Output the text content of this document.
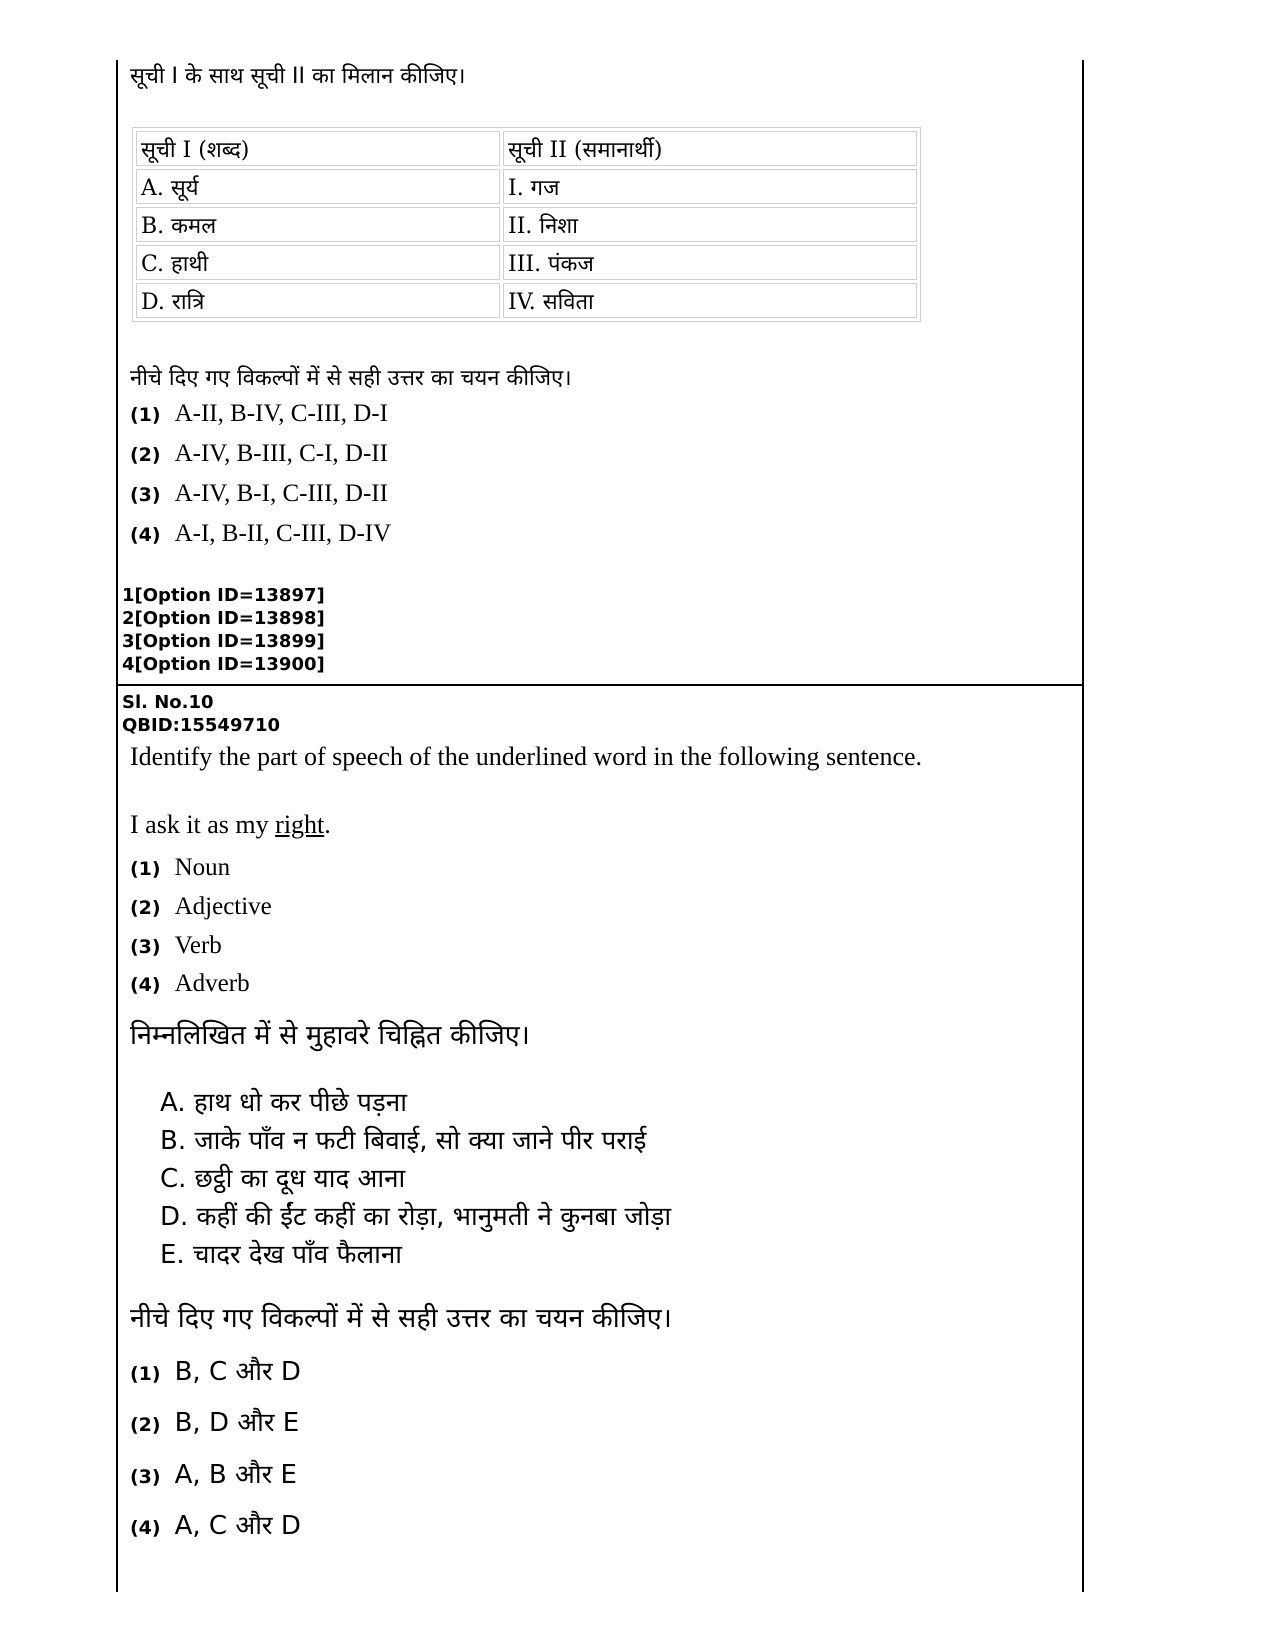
सूची I के साथ सूची II का मिलान कीजिए।

सूची I (शब्द)	सूची II (समानार्थी)
A. सूर्य	I. गज
B. कमल	II. निशा
C. हाथी	III. पंकज
D. रात्रि	IV. सविता

नीचे दिए गए विकल्पों में से सही उत्तर का चयन कीजिए।

(1) A-II, B-IV, C-III, D-I
(2) A-IV, B-III, C-I, D-II
(3) A-IV, B-I, C-III, D-II
(4) A-I, B-II, C-III, D-IV
1[Option ID=13897]
2[Option ID=13898]
3[Option ID=13899]
4[Option ID=13900]
Sl. No.10
QBID:15549710

Identify the part of speech of the underlined word in the following sentence.

I ask it as my right.

(1) Noun
(2) Adjective
(3) Verb
(4) Adverb

निम्नलिखित में से मुहावरे चिह्नित कीजिए।

A. हाथ धो कर पीछे पड़ना

B. जाके पाँव न फटी बिवाई, सो क्या जाने पीर पराई

C. छट्ठी का दूध याद आना

D. कहीं की ईंट कहीं का रोड़ा, भानुमती ने कुनबा जोड़ा

E. चादर देख पाँव फैलाना

नीचे दिए गए विकल्पों में से सही उत्तर का चयन कीजिए।

(1) B, C और D
(2) B, D और E
(3) A, B और E
(4) A, C और D
